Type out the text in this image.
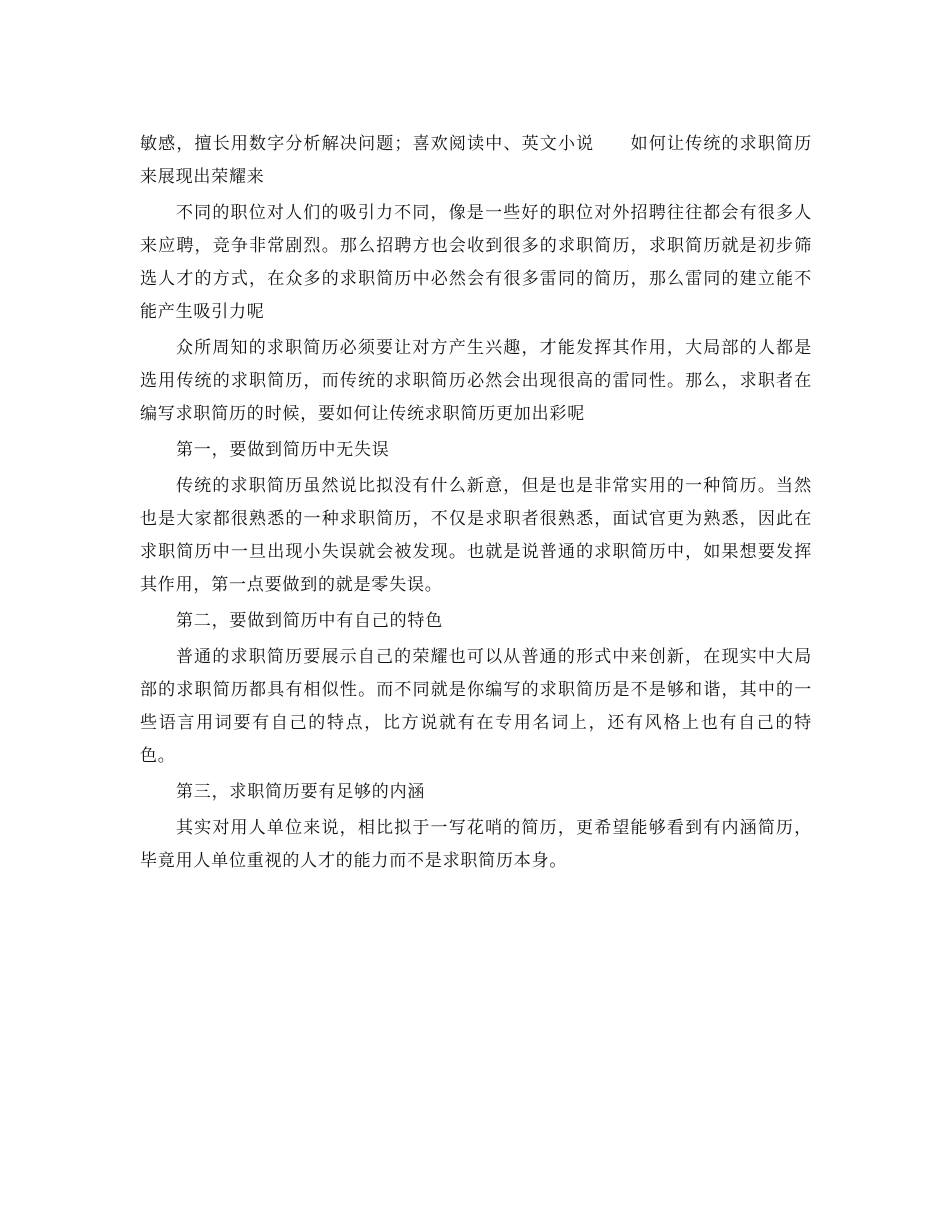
敏感，擅长用数字分析解决问题；喜欢阅读中、英文小说　　如何让传统的求职简历来展现出荣耀来

不同的职位对人们的吸引力不同，像是一些好的职位对外招聘往往都会有很多人来应聘，竞争非常剧烈。那么招聘方也会收到很多的求职简历，求职简历就是初步筛选人才的方式，在众多的求职简历中必然会有很多雷同的简历，那么雷同的建立能不能产生吸引力呢

众所周知的求职简历必须要让对方产生兴趣，才能发挥其作用，大局部的人都是选用传统的求职简历，而传统的求职简历必然会出现很高的雷同性。那么，求职者在编写求职简历的时候，要如何让传统求职简历更加出彩呢

第一，要做到简历中无失误

传统的求职简历虽然说比拟没有什么新意，但是也是非常实用的一种简历。当然也是大家都很熟悉的一种求职简历，不仅是求职者很熟悉，面试官更为熟悉，因此在求职简历中一旦出现小失误就会被发现。也就是说普通的求职简历中，如果想要发挥其作用，第一点要做到的就是零失误。

第二，要做到简历中有自己的特色

普通的求职简历要展示自己的荣耀也可以从普通的形式中来创新，在现实中大局部的求职简历都具有相似性。而不同就是你编写的求职简历是不是够和谐，其中的一些语言用词要有自己的特点，比方说就有在专用名词上，还有风格上也有自己的特色。

第三，求职简历要有足够的内涵

其实对用人单位来说，相比拟于一写花哨的简历，更希望能够看到有内涵简历，毕竟用人单位重视的人才的能力而不是求职简历本身。
